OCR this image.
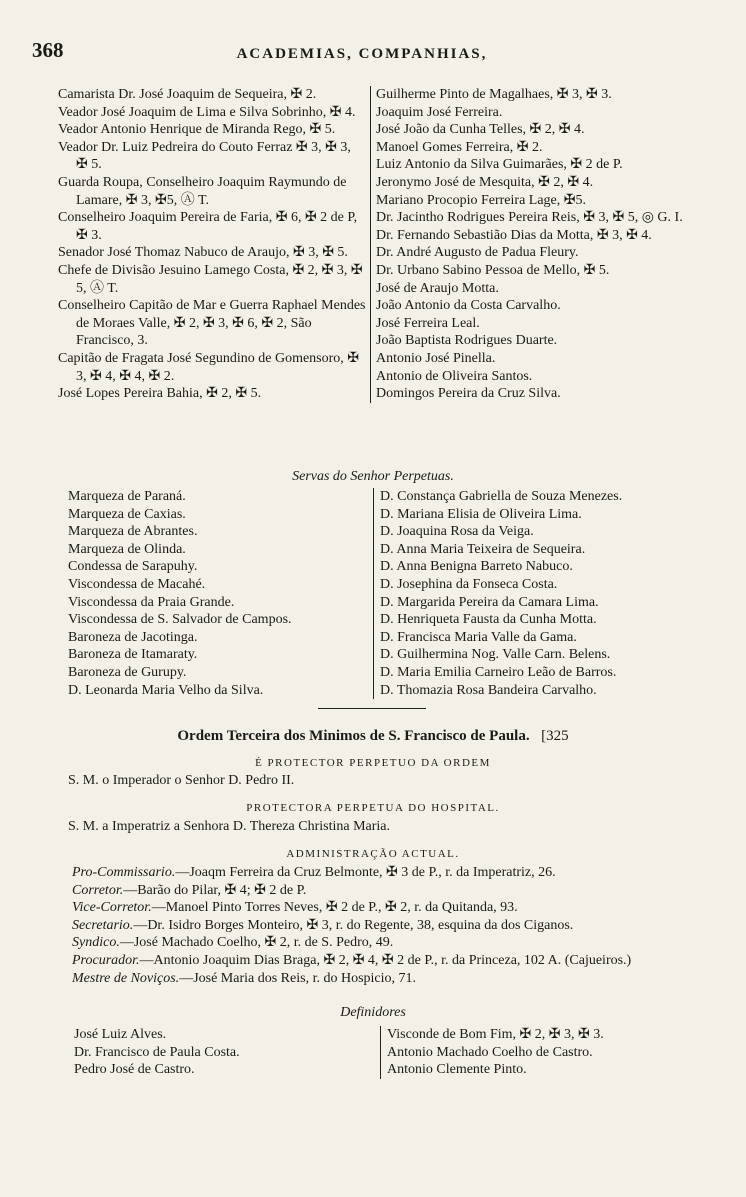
368	ACADEMIAS, COMPANHIAS,

Camarista Dr. José Joaquim de Sequeira, ✠ 2.

Veador José Joaquim de Lima e Silva Sobrinho, ✠ 4.

Veador Antonio Henrique de Miranda Rego, ✠ 5.

Veador Dr. Luiz Pedreira do Couto Ferraz ✠ 3, ✠ 3, ✠ 5.

Guarda Roupa, Conselheiro Joaquim Raymundo de Lamare, ✠ 3, ✠5, Ⓐ T.

Conselheiro Joaquim Pereira de Faria, ✠ 6, ✠ 2 de P, ✠ 3.

Senador José Thomaz Nabuco de Araujo, ✠ 3, ✠ 5.

Chefe de Divisão Jesuino Lamego Costa, ✠ 2, ✠ 3, ✠ 5, Ⓐ T.

Conselheiro Capitão de Mar e Guerra Raphael Mendes de Moraes Valle, ✠ 2, ✠ 3, ✠ 6, ✠ 2, São Francisco, 3.

Capitão de Fragata José Segundino de Gomensoro, ✠ 3, ✠ 4, ✠ 4, ✠ 2.

José Lopes Pereira Bahia, ✠ 2, ✠ 5.

Guilherme Pinto de Magalhaes, ✠ 3, ✠ 3.

Joaquim José Ferreira.

José João da Cunha Telles, ✠ 2, ✠ 4.

Manoel Gomes Ferreira, ✠ 2.

Luiz Antonio da Silva Guimarães, ✠ 2 de P.

Jeronymo José de Mesquita, ✠ 2, ✠ 4.

Mariano Procopio Ferreira Lage, ✠5.

Dr. Jacintho Rodrigues Pereira Reis, ✠ 3, ✠ 5, ◎ G. I.

Dr. Fernando Sebastião Dias da Motta, ✠ 3, ✠ 4.

Dr. André Augusto de Padua Fleury.

Dr. Urbano Sabino Pessoa de Mello, ✠ 5.

José de Araujo Motta.

João Antonio da Costa Carvalho.

José Ferreira Leal.

João Baptista Rodrigues Duarte.

Antonio José Pinella.

Antonio de Oliveira Santos.

Domingos Pereira da Cruz Silva.

Servas do Senhor Perpetuas.

Marqueza de Paraná.

Marqueza de Caxias.

Marqueza de Abrantes.

Marqueza de Olinda.

Condessa de Sarapuhy.

Viscondessa de Macahé.

Viscondessa da Praia Grande.

Viscondessa de S. Salvador de Campos.

Baroneza de Jacotinga.

Baroneza de Itamaraty.

Baroneza de Gurupy.

D. Leonarda Maria Velho da Silva.

D. Constança Gabriella de Souza Menezes.

D. Mariana Elisia de Oliveira Lima.

D. Joaquina Rosa da Veiga.

D. Anna Maria Teixeira de Sequeira.

D. Anna Benigna Barreto Nabuco.

D. Josephina da Fonseca Costa.

D. Margarida Pereira da Camara Lima.

D. Henriqueta Fausta da Cunha Motta.

D. Francisca Maria Valle da Gama.

D. Guilhermina Nog. Valle Carn. Belens.

D. Maria Emilia Carneiro Leão de Barros.

D. Thomazia Rosa Bandeira Carvalho.

Ordem Terceira dos Minimos de S. Francisco de Paula. [325
É PROTECTOR PERPETUO DA ORDEM
S. M. o Imperador o Senhor D. Pedro II.
PROTECTORA PERPETUA DO HOSPITAL.
S. M. a Imperatriz a Senhora D. Thereza Christina Maria.
ADMINISTRAÇÃO ACTUAL.

Pro-Commissario.—Joaqm Ferreira da Cruz Belmonte, ✠ 3 de P., r. da Imperatriz, 26.

Corretor.—Barão do Pilar, ✠ 4; ✠ 2 de P.

Vice-Corretor.—Manoel Pinto Torres Neves, ✠ 2 de P., ✠ 2, r. da Quitanda, 93.

Secretario.—Dr. Isidro Borges Monteiro, ✠ 3, r. do Regente, 38, esquina da dos Ciganos.

Syndico.—José Machado Coelho, ✠ 2, r. de S. Pedro, 49.

Procurador.—Antonio Joaquim Dias Braga, ✠ 2, ✠ 4, ✠ 2 de P., r. da Princeza, 102 A. (Cajueiros.)

Mestre de Noviços.—José Maria dos Reis, r. do Hospicio, 71.

Definidores

José Luiz Alves.

Dr. Francisco de Paula Costa.

Pedro José de Castro.

Visconde de Bom Fim, ✠ 2, ✠ 3, ✠ 3.

Antonio Machado Coelho de Castro.

Antonio Clemente Pinto.
